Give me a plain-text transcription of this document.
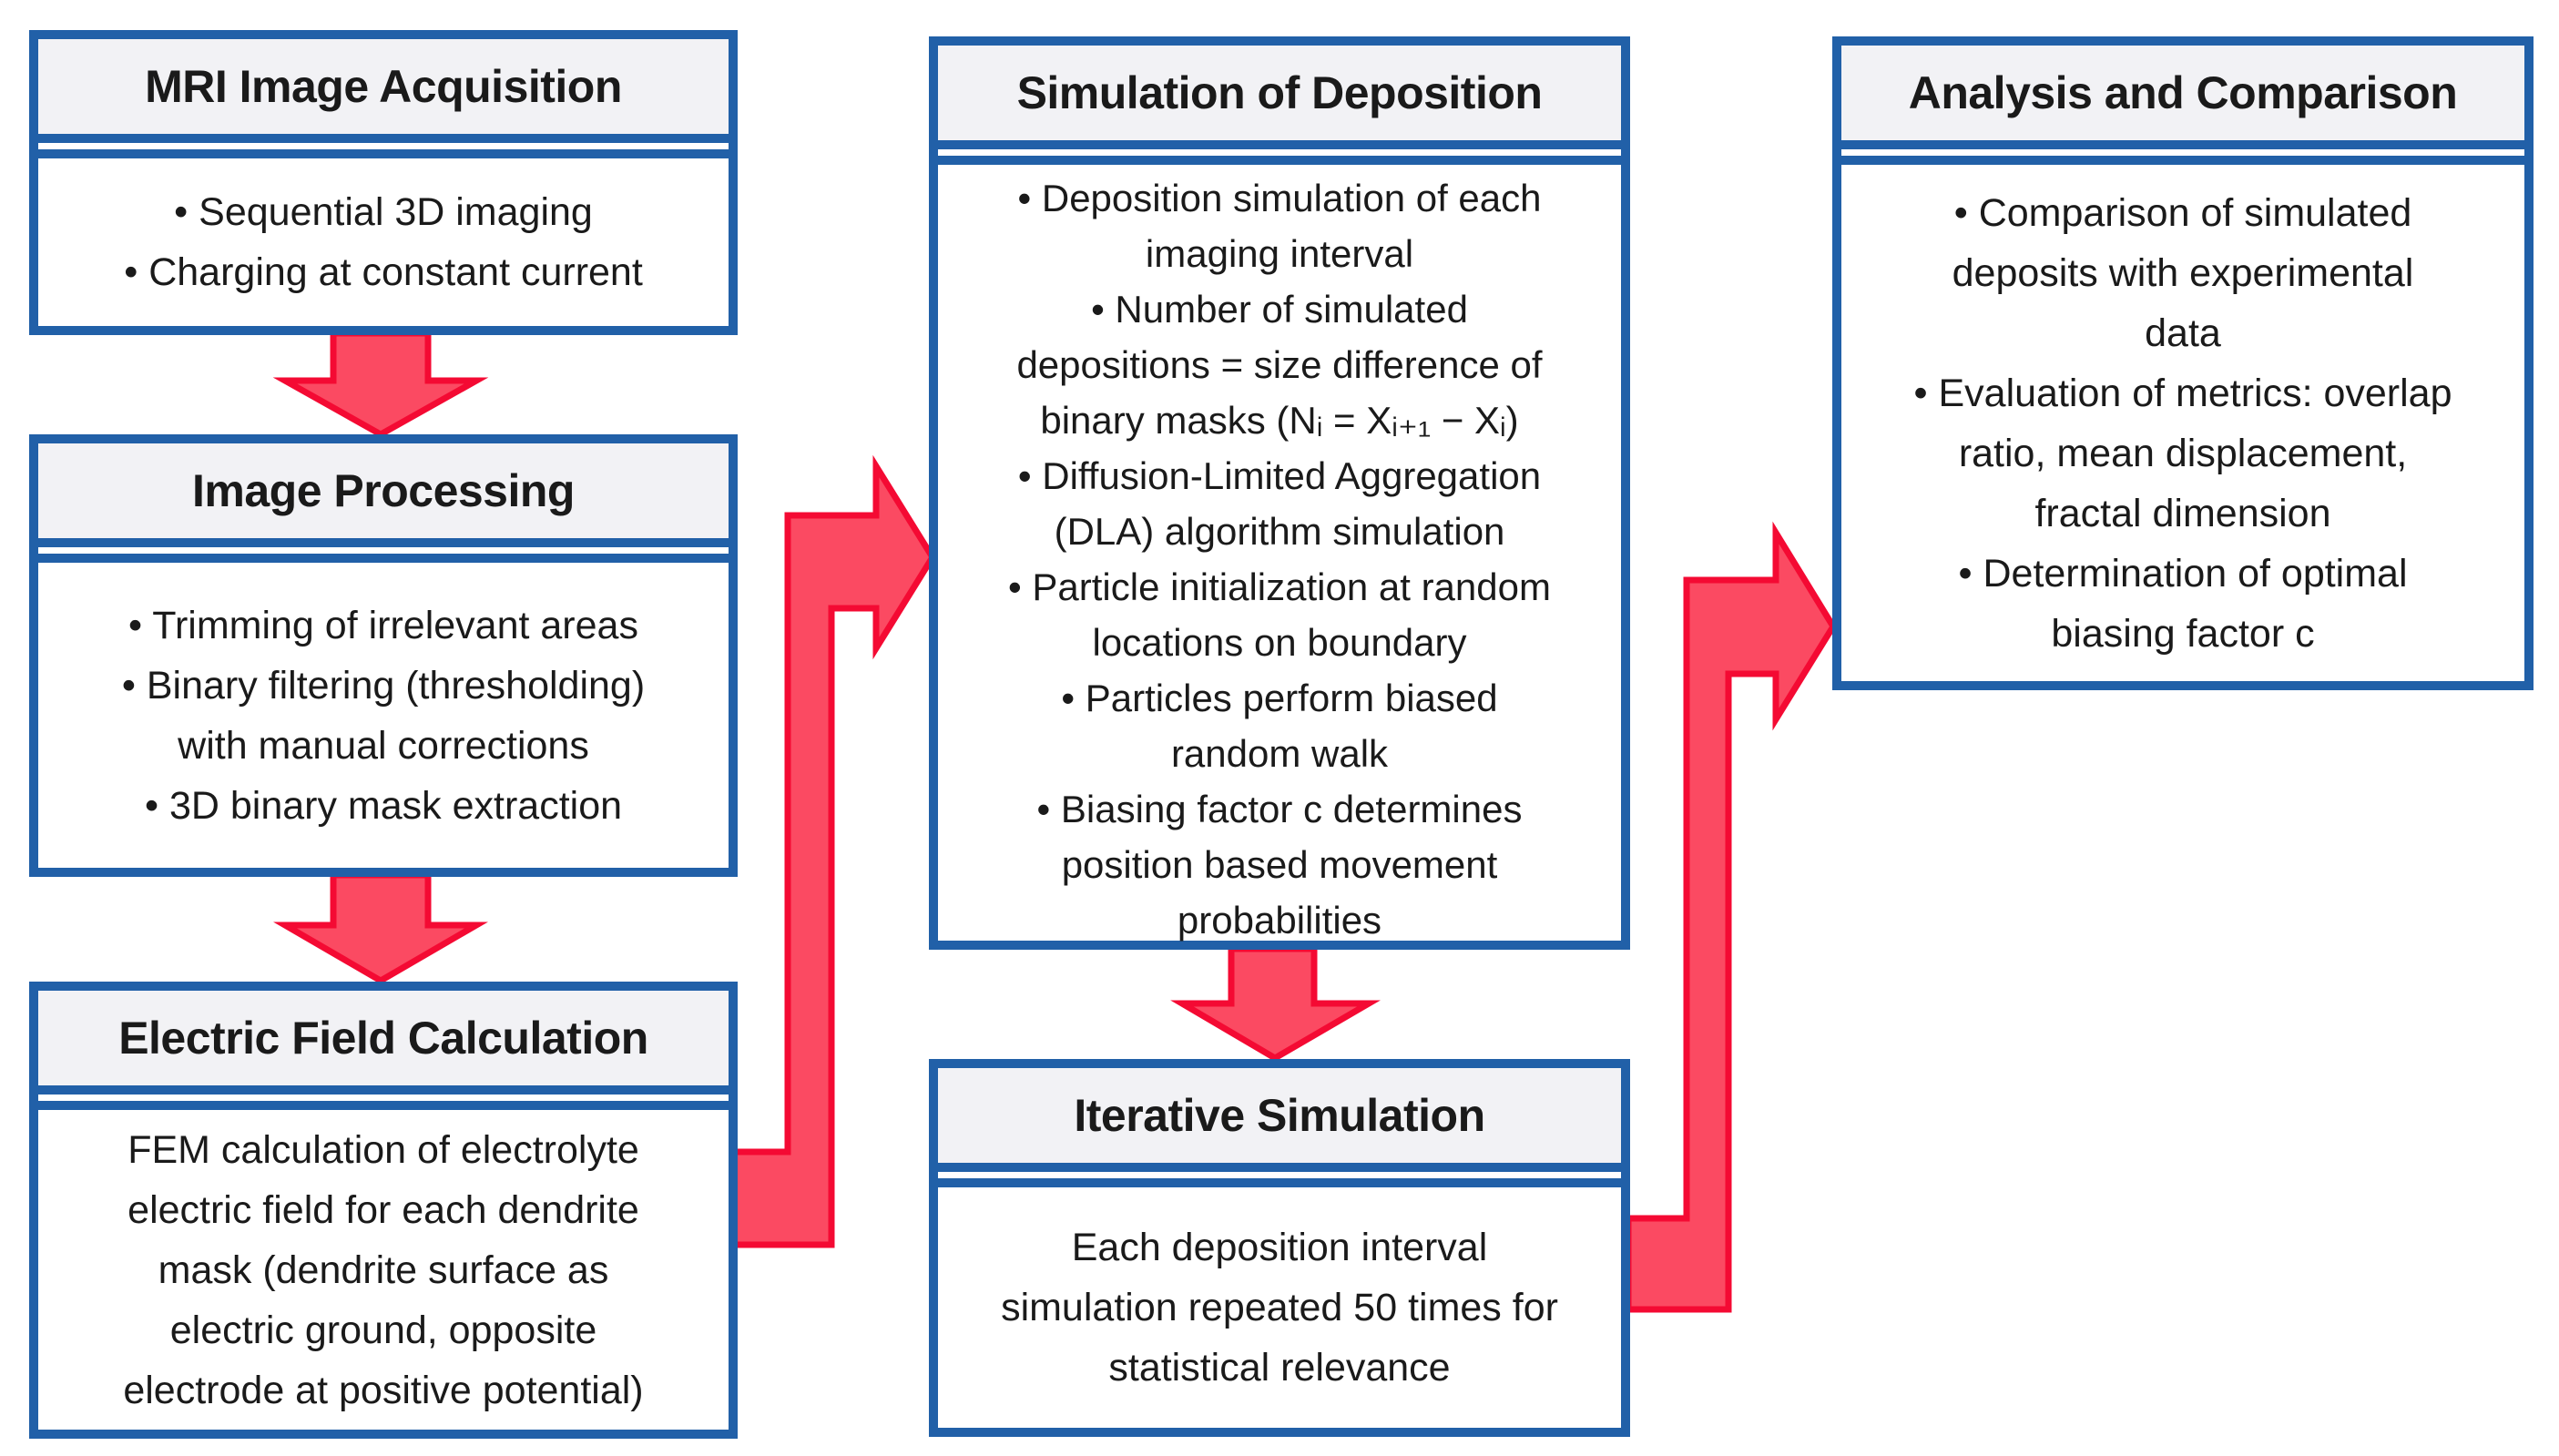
MRI Image Acquisition
• Sequential 3D imaging
• Charging at constant current
Image Processing
• Trimming of irrelevant areas
• Binary filtering (thresholding)
with manual corrections
• 3D binary mask extraction
Electric Field Calculation
FEM calculation of electrolyte
electric field for each dendrite
mask (dendrite surface as
electric ground, opposite
electrode at positive potential)
Simulation of Deposition
• Deposition simulation of each
imaging interval
• Number of simulated
depositions = size difference of
binary masks (Nᵢ = Xᵢ₊₁ − Xᵢ)
• Diffusion-Limited Aggregation
(DLA) algorithm simulation
• Particle initialization at random
locations on boundary
• Particles perform biased
random walk
• Biasing factor c determines
position based movement
probabilities
Iterative Simulation
Each deposition interval
simulation repeated 50 times for
statistical relevance
Analysis and Comparison
• Comparison of simulated
deposits with experimental
data
• Evaluation of metrics: overlap
ratio, mean displacement,
fractal dimension
• Determination of optimal
biasing factor c
